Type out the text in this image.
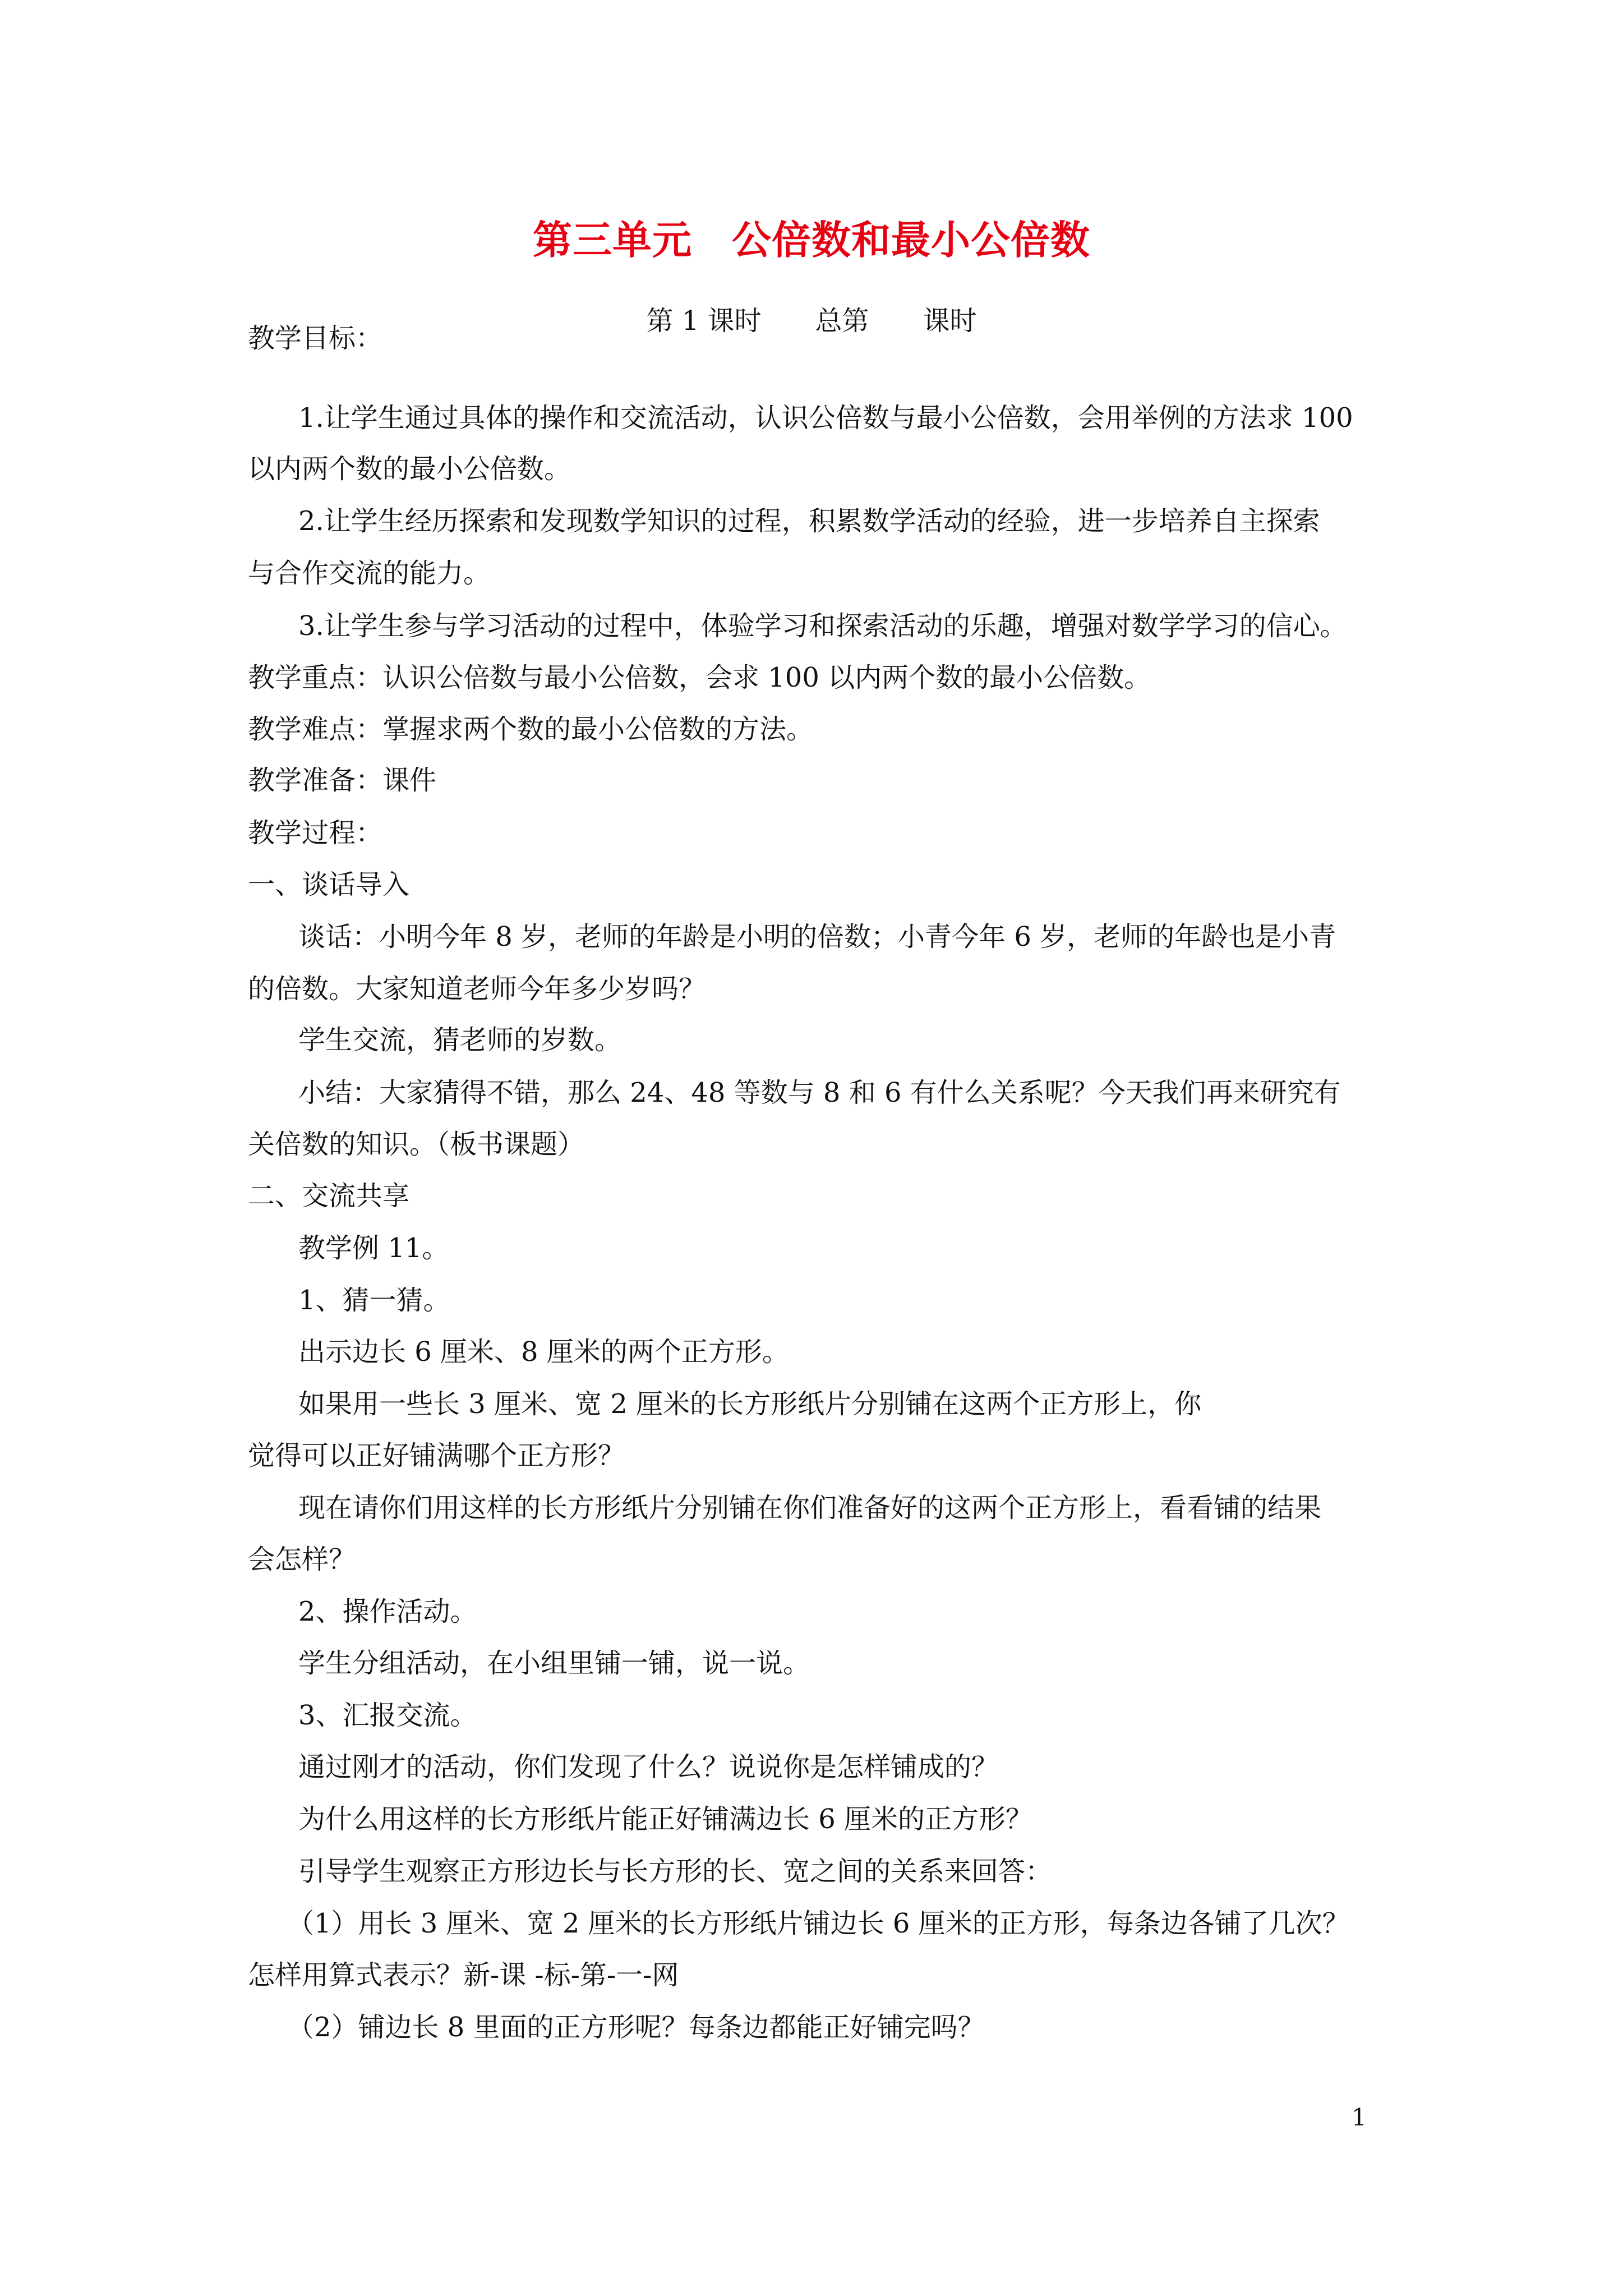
第三单元　公倍数和最小公倍数
第 1 课时　　总第　　课时
教学目标：
1.让学生通过具体的操作和交流活动，认识公倍数与最小公倍数，会用举例的方法求 100
以内两个数的最小公倍数。
2.让学生经历探索和发现数学知识的过程，积累数学活动的经验，进一步培养自主探索
与合作交流的能力。
3.让学生参与学习活动的过程中，体验学习和探索活动的乐趣，增强对数学学习的信心。
教学重点：认识公倍数与最小公倍数，会求 100 以内两个数的最小公倍数。
教学难点：掌握求两个数的最小公倍数的方法。
教学准备：课件
教学过程：
一、谈话导入
谈话：小明今年 8 岁，老师的年龄是小明的倍数；小青今年 6 岁，老师的年龄也是小青
的倍数。大家知道老师今年多少岁吗？
学生交流，猜老师的岁数。
小结：大家猜得不错，那么 24、48 等数与 8 和 6 有什么关系呢？今天我们再来研究有
关倍数的知识。（板书课题）
二、交流共享
教学例 11。
1、猜一猜。
出示边长 6 厘米、8 厘米的两个正方形。
如果用一些长 3 厘米、宽 2 厘米的长方形纸片分别铺在这两个正方形上，你
觉得可以正好铺满哪个正方形？
现在请你们用这样的长方形纸片分别铺在你们准备好的这两个正方形上，看看铺的结果
会怎样？
2、操作活动。
学生分组活动，在小组里铺一铺，说一说。
3、汇报交流。
通过刚才的活动，你们发现了什么？说说你是怎样铺成的？
为什么用这样的长方形纸片能正好铺满边长 6 厘米的正方形？
引导学生观察正方形边长与长方形的长、宽之间的关系来回答：
（1）用长 3 厘米、宽 2 厘米的长方形纸片铺边长 6 厘米的正方形，每条边各铺了几次？
怎样用算式表示？新-课 -标-第-一-网
（2）铺边长 8 里面的正方形呢？每条边都能正好铺完吗？
1
